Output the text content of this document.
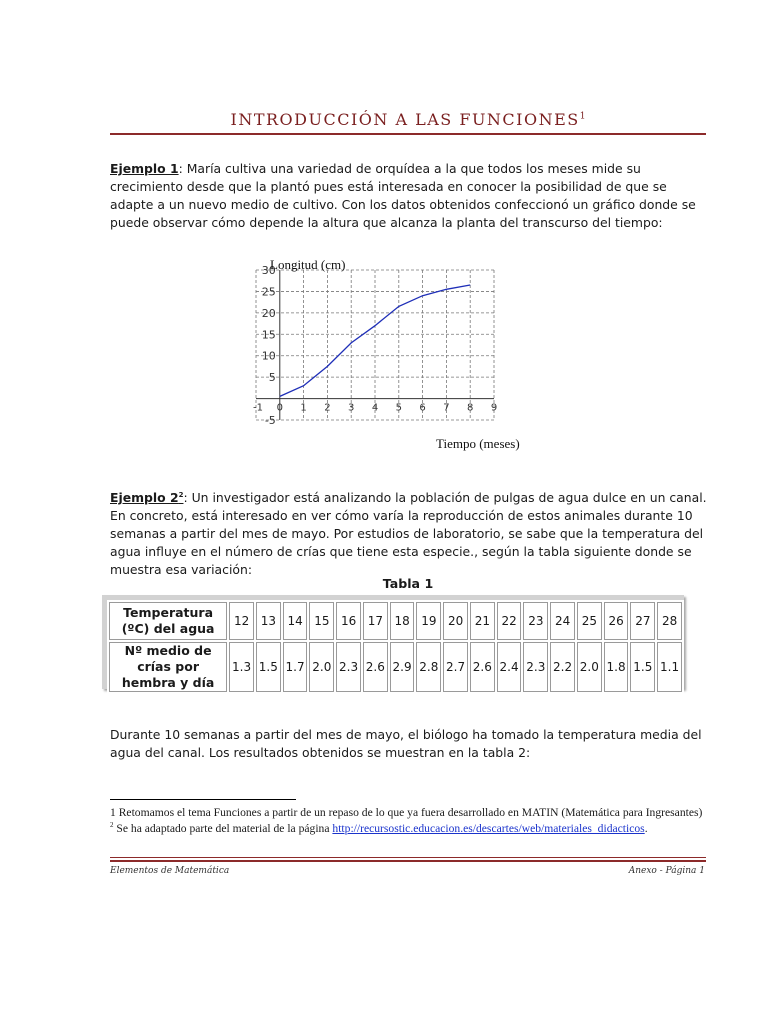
INTRODUCCIÓN A LAS FUNCIONES$^1$
Ejemplo 1: María cultiva una variedad de orquídea a la que todos los meses mide su crecimiento desde que la plantó pues está interesada en conocer la posibilidad de que se adapte a un nuevo medio de cultivo. Con los datos obtenidos confeccionó un gráfico donde se puede observar cómo depende la altura que alcanza la planta del transcurso del tiempo:
-1 0 1 2 3 4 5 6 7 8 9
-5
5
10
15
20
25
30
Longitud (cm)
Tiempo (meses)
Ejemplo $2^2$: Un investigador está analizando la población de pulgas de agua dulce en un canal. En concreto, está interesado en ver cómo varía la reproducción de estos animales durante 10 semanas a partir del mes de mayo. Por estudios de laboratorio, se sabe que la temperatura del agua influye en el número de crías que tiene esta especie., según la tabla siguiente donde se muestra esa variación:
Tabla 1
Temperatura (ºC) del agua	12	13	14	15	16	17	18	19	20	21	22	23	24	25	26	27	28
Nº medio de crías por hembra y día	1.3	1.5	1.7	2.0	2.3	2.6	2.9	2.8	2.7	2.6	2.4	2.3	2.2	2.0	1.8	1.5	1.1
Durante 10 semanas a partir del mes de mayo, el biólogo ha tomado la temperatura media del agua del canal. Los resultados obtenidos se muestran en la tabla 2:
1 Retomamos el tema Funciones a partir de un repaso de lo que ya fuera desarrollado en MATIN (Matemática para Ingresantes)
$^2$ Se ha adaptado parte del material de la página http://recursostic.educacion.es/descartes/web/materiales_didacticos.
Elementos de Matemática	Anexo - Página 1
